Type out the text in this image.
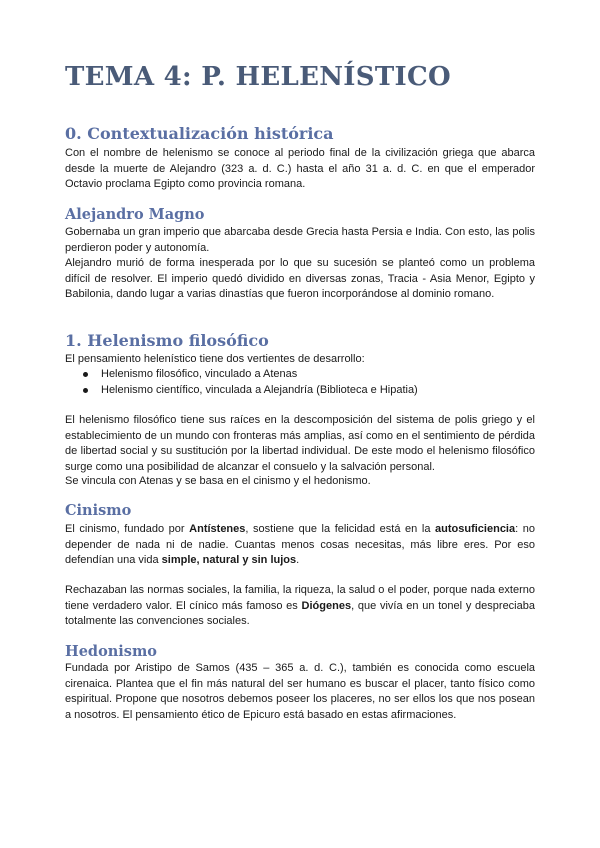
TEMA 4: P. HELENÍSTICO
0. Contextualización histórica

Con el nombre de helenismo se conoce al periodo final de la civilización griega que abarca desde la muerte de Alejandro (323 a. d. C.) hasta el año 31 a. d. C. en que el emperador Octavio proclama Egipto como provincia romana.

Alejandro Magno

Gobernaba un gran imperio que abarcaba desde Grecia hasta Persia e India. Con esto, las polis perdieron poder y autonomía.

Alejandro murió de forma inesperada por lo que su sucesión se planteó como un problema difícil de resolver. El imperio quedó dividido en diversas zonas, Tracia - Asia Menor, Egipto y Babilonia, dando lugar a varias dinastías que fueron incorporándose al dominio romano.

1. Helenismo filosófico

El pensamiento helenístico tiene dos vertientes de desarrollo:

Helenismo filosófico, vinculado a Atenas
Helenismo científico, vinculada a Alejandría (Biblioteca e Hipatia)

El helenismo filosófico tiene sus raíces en la descomposición del sistema de polis griego y el establecimiento de un mundo con fronteras más amplias, así como en el sentimiento de pérdida de libertad social y su sustitución por la libertad individual. De este modo el helenismo filosófico surge como una posibilidad de alcanzar el consuelo y la salvación personal.

Se vincula con Atenas y se basa en el cinismo y el hedonismo.

Cinismo

El cinismo, fundado por Antístenes, sostiene que la felicidad está en la autosuficiencia: no depender de nada ni de nadie. Cuantas menos cosas necesitas, más libre eres. Por eso defendían una vida simple, natural y sin lujos.

Rechazaban las normas sociales, la familia, la riqueza, la salud o el poder, porque nada externo tiene verdadero valor. El cínico más famoso es Diógenes, que vivía en un tonel y despreciaba totalmente las convenciones sociales.

Hedonismo

Fundada por Aristipo de Samos (435 – 365 a. d. C.), también es conocida como escuela cirenaica. Plantea que el fin más natural del ser humano es buscar el placer, tanto físico como espiritual. Propone que nosotros debemos poseer los placeres, no ser ellos los que nos posean a nosotros. El pensamiento ético de Epicuro está basado en estas afirmaciones.
